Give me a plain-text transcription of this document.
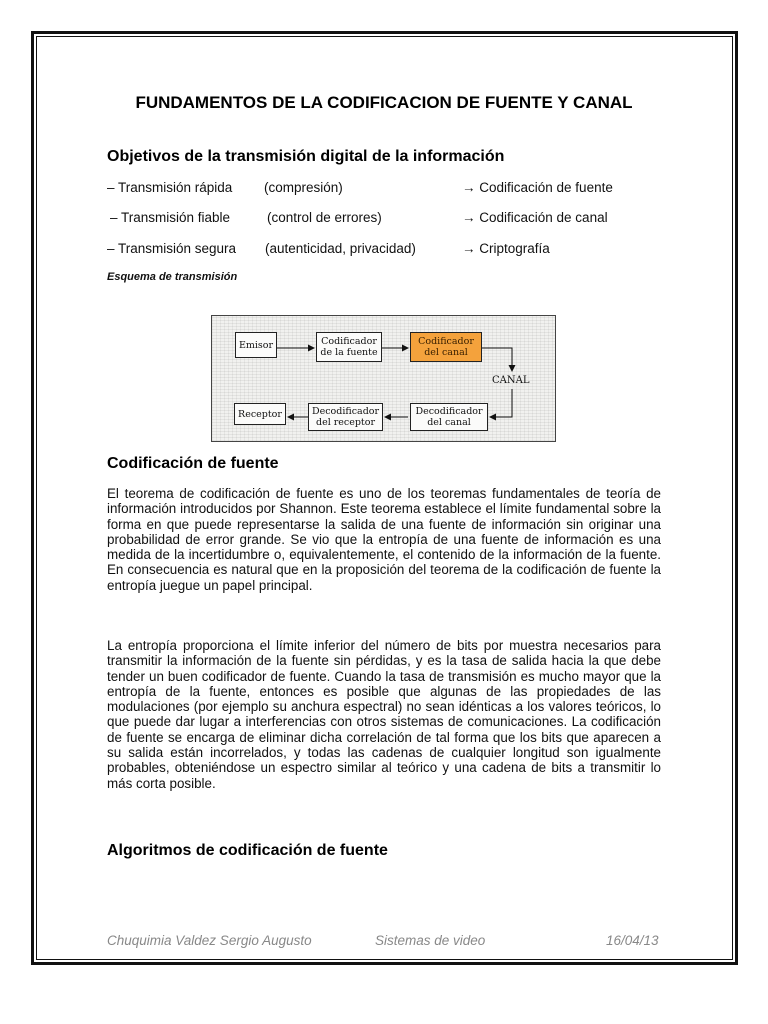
FUNDAMENTOS DE LA CODIFICACION DE FUENTE Y CANAL
Objetivos de la transmisión digital de la información
– Transmisión rápida (compresión)	→ Codificación de fuente
– Transmisión fiable	(control de errores)	→ Codificación de canal
– Transmisión segura (autenticidad, privacidad)	→ Criptografía

Esquema de transmisión

Emisor	Codificador
de la fuente
Codificador
del canal
CANAL
Decodificador
del canal
Decodificador
del receptor
Receptor
Codificación de fuente

El teorema de codificación de fuente es uno de los teoremas fundamentales de teoría de información introducidos por Shannon. Este teorema establece el límite fundamental sobre la forma en que puede representarse la salida de una fuente de información sin originar una probabilidad de error grande. Se vio que la entropía de una fuente de información es una medida de la incertidumbre o, equivalentemente, el contenido de la información de la fuente. En consecuencia es natural que en la proposición del teorema de la codificación de fuente la entropía juegue un papel principal.

La entropía proporciona el límite inferior del número de bits por muestra necesarios para transmitir la información de la fuente sin pérdidas, y es la tasa de salida hacia la que debe tender un buen codificador de fuente. Cuando la tasa de transmisión es mucho mayor que la entropía de la fuente, entonces es posible que algunas de las propiedades de las modulaciones (por ejemplo su anchura espectral) no sean idénticas a los valores teóricos, lo que puede dar lugar a interferencias con otros sistemas de comunicaciones. La codificación de fuente se encarga de eliminar dicha correlación de tal forma que los bits que aparecen a su salida están incorrelados, y todas las cadenas de cualquier longitud son igualmente probables, obteniéndose un espectro similar al teórico y una cadena de bits a transmitir lo más corta posible.

Algoritmos de codificación de fuente
Chuquimia Valdez Sergio Augusto	Sistemas de video	16/04/13
